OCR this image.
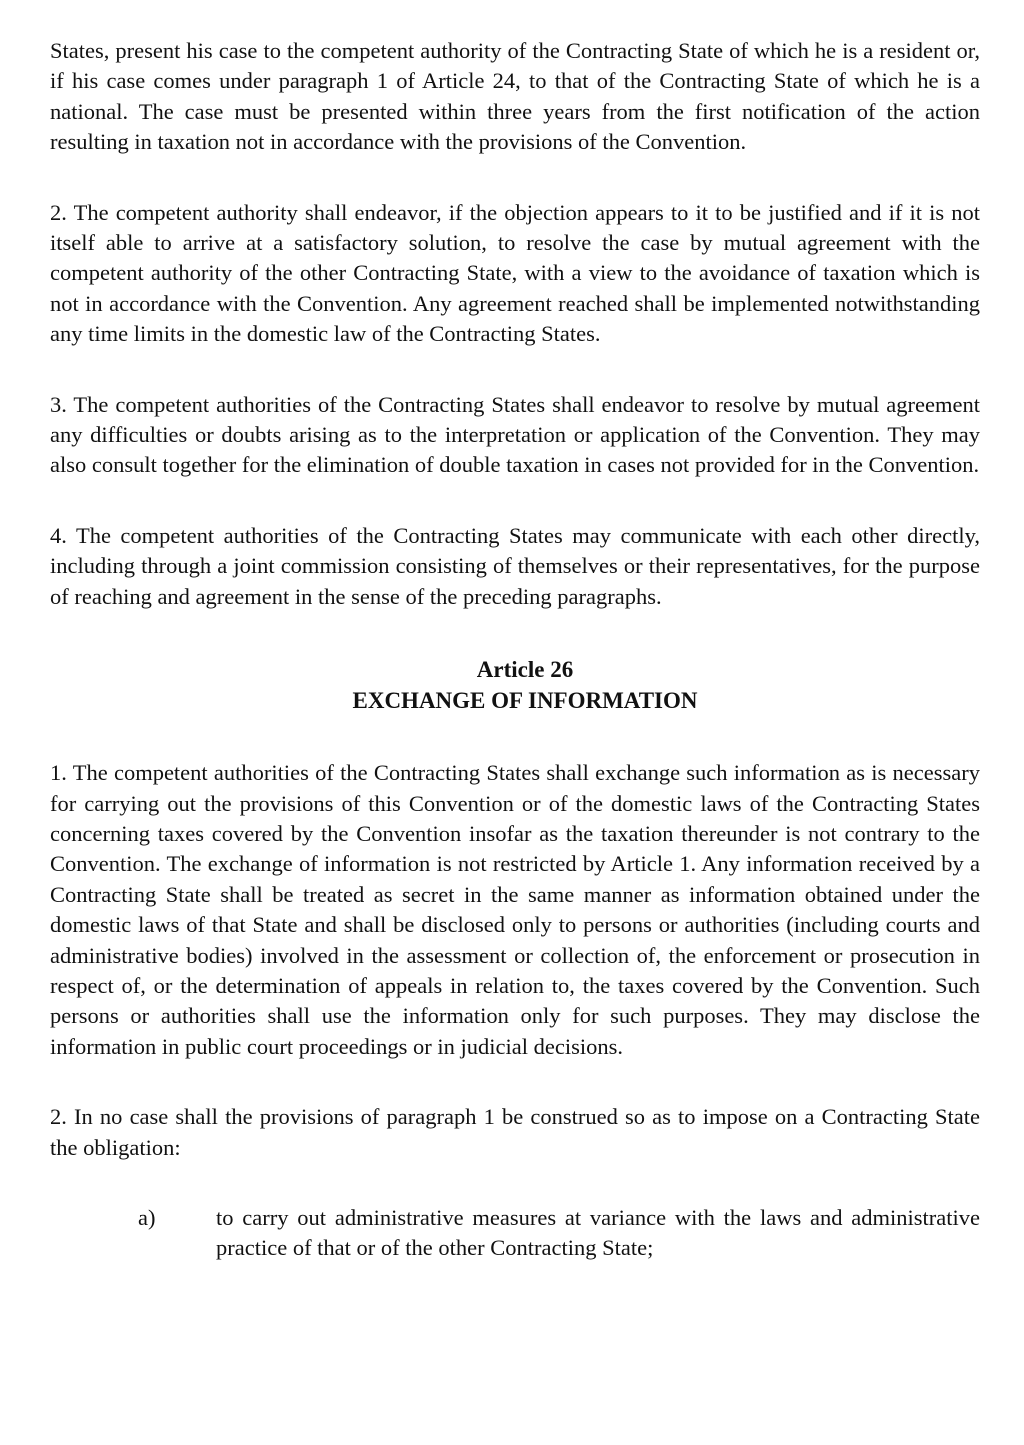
States, present his case to the competent authority of the Contracting State of which he is a resident or, if his case comes under paragraph 1 of Article 24, to that of the Contracting State of which he is a national. The case must be presented within three years from the first notification of the action resulting in taxation not in accordance with the provisions of the Convention.

2. The competent authority shall endeavor, if the objection appears to it to be justified and if it is not itself able to arrive at a satisfactory solution, to resolve the case by mutual agreement with the competent authority of the other Contracting State, with a view to the avoidance of taxation which is not in accordance with the Convention. Any agreement reached shall be implemented notwithstanding any time limits in the domestic law of the Contracting States.

3. The competent authorities of the Contracting States shall endeavor to resolve by mutual agreement any difficulties or doubts arising as to the interpretation or application of the Convention. They may also consult together for the elimination of double taxation in cases not provided for in the Convention.

4. The competent authorities of the Contracting States may communicate with each other directly, including through a joint commission consisting of themselves or their representatives, for the purpose of reaching and agreement in the sense of the preceding paragraphs.

Article 26

EXCHANGE OF INFORMATION

1. The competent authorities of the Contracting States shall exchange such information as is necessary for carrying out the provisions of this Convention or of the domestic laws of the Contracting States concerning taxes covered by the Convention insofar as the taxation thereunder is not contrary to the Convention. The exchange of information is not restricted by Article 1. Any information received by a Contracting State shall be treated as secret in the same manner as information obtained under the domestic laws of that State and shall be disclosed only to persons or authorities (including courts and administrative bodies) involved in the assessment or collection of, the enforcement or prosecution in respect of, or the determination of appeals in relation to, the taxes covered by the Convention. Such persons or authorities shall use the information only for such purposes. They may disclose the information in public court proceedings or in judicial decisions.

2. In no case shall the provisions of paragraph 1 be construed so as to impose on a Contracting State the obligation:

a)	to carry out administrative measures at variance with the laws and administrative practice of that or of the other Contracting State;
